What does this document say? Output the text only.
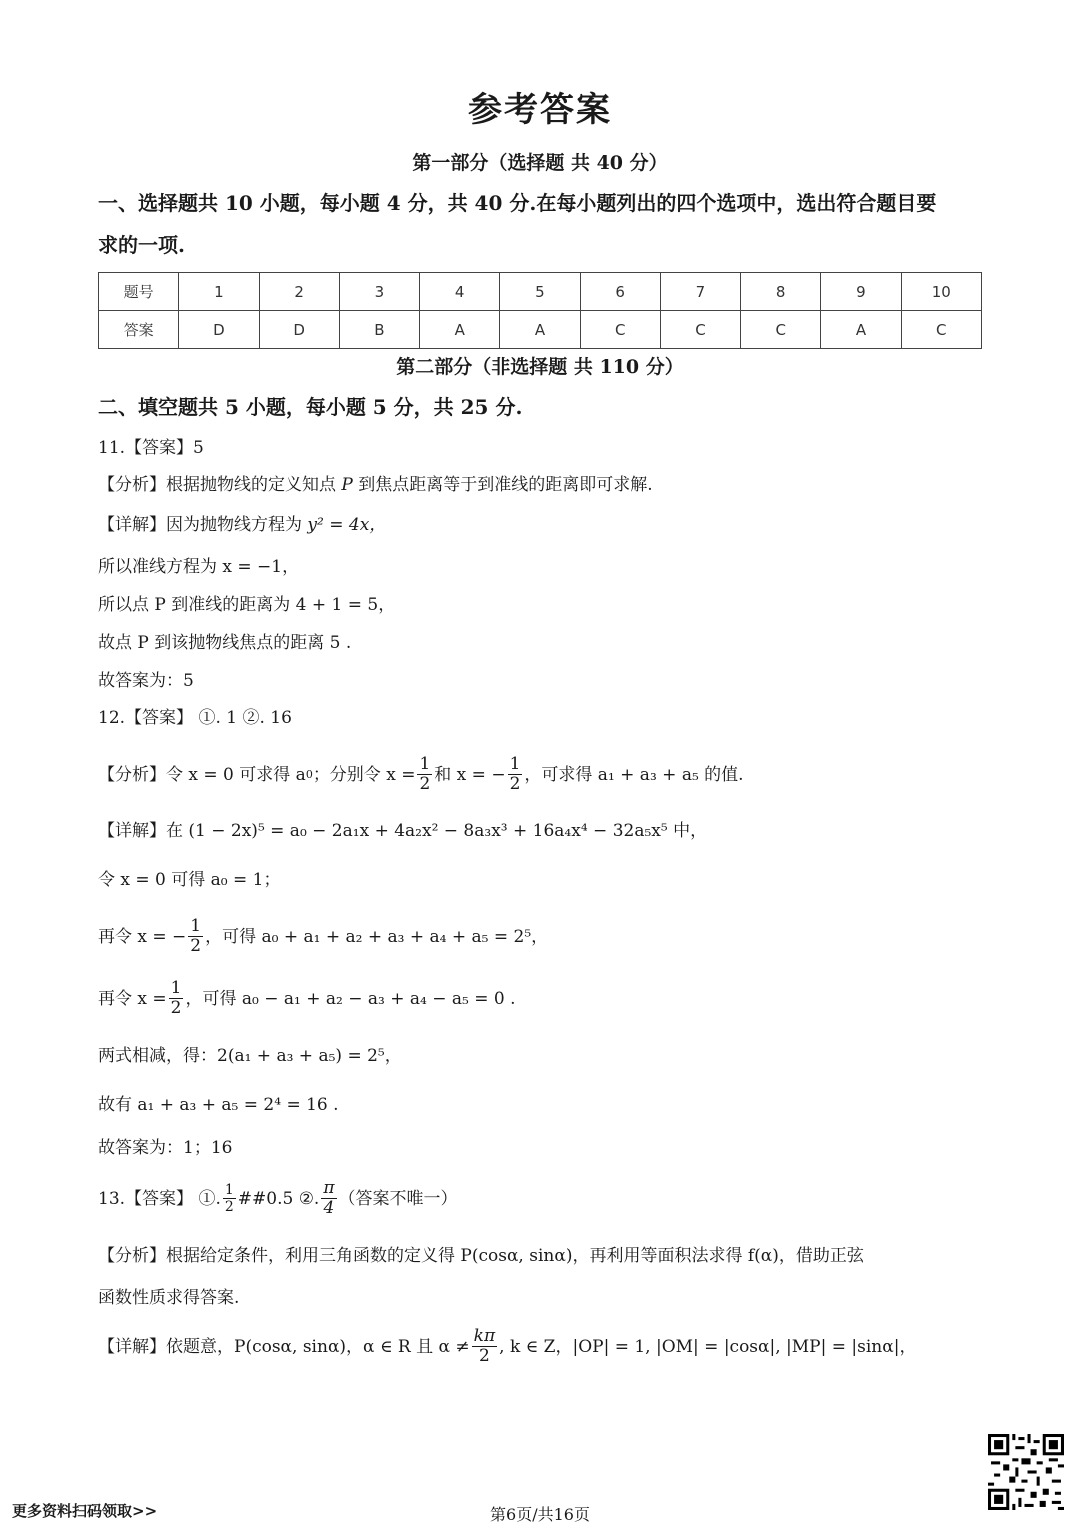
参考答案
第一部分（选择题 共 40 分）
一、选择题共 10 小题，每小题 4 分，共 40 分.在每小题列出的四个选项中，选出符合题目要
求的一项.
题号	1	2	3	4	5	6	7	8	9	10
答案	D	D	B	A	A	C	C	C	A	C
第二部分（非选择题 共 110 分）
二、填空题共 5 小题，每小题 5 分，共 25 分.
11.【答案】5
【分析】根据抛物线的定义知点 P 到焦点距离等于到准线的距离即可求解.
【详解】因为抛物线方程为 y² = 4x，
所以准线方程为 x = −1，
所以点 P 到准线的距离为 4 + 1 = 5，
故点 P 到该抛物线焦点的距离 5 .
故答案为：5
12.【答案】 ①. 1 ②. 16
【分析】令 x = 0 可求得 a 0 ；分别令 $x = \frac{1}{2}$ 和 x = − $\frac{1}{2}$ ，可求得 a₁ + a₃ + a₅ 的值.
【详解】在 (1 − 2x)⁵ = a₀ − 2a₁x + 4a₂x² − 8a₃x³ + 16a₄x⁴ − 32a₅x⁵ 中，
令 x = 0 可得 a₀ = 1；
再令 x = − $\frac{1}{2}$ ，可得 a₀ + a₁ + a₂ + a₃ + a₄ + a₅ = 2⁵，
再令 $x = \frac{1}{2}$ ，可得 a₀ − a₁ + a₂ − a₃ + a₄ − a₅ = 0 .
两式相减，得：2(a₁ + a₃ + a₅) = 2⁵，
故有 a₁ + a₃ + a₅ = 2⁴ = 16 .
故答案为：1；16
13.【答案】 ①. $\frac{1}{2}$ ##0.5 ②. $\frac{\pi}{4}$ （答案不唯一）
【分析】根据给定条件，利用三角函数的定义得 P(cosα, sinα)，再利用等面积法求得 f(α)，借助正弦
函数性质求得答案.
【详解】依题意，P(cosα, sinα)，α ∈ R 且 $\alpha \ne \frac{k\pi}{2}$ , k ∈ Z，|OP| = 1, |OM| = |cosα|, |MP| = |sinα|，
更多资料扫码领取>>	第6页/共16页
